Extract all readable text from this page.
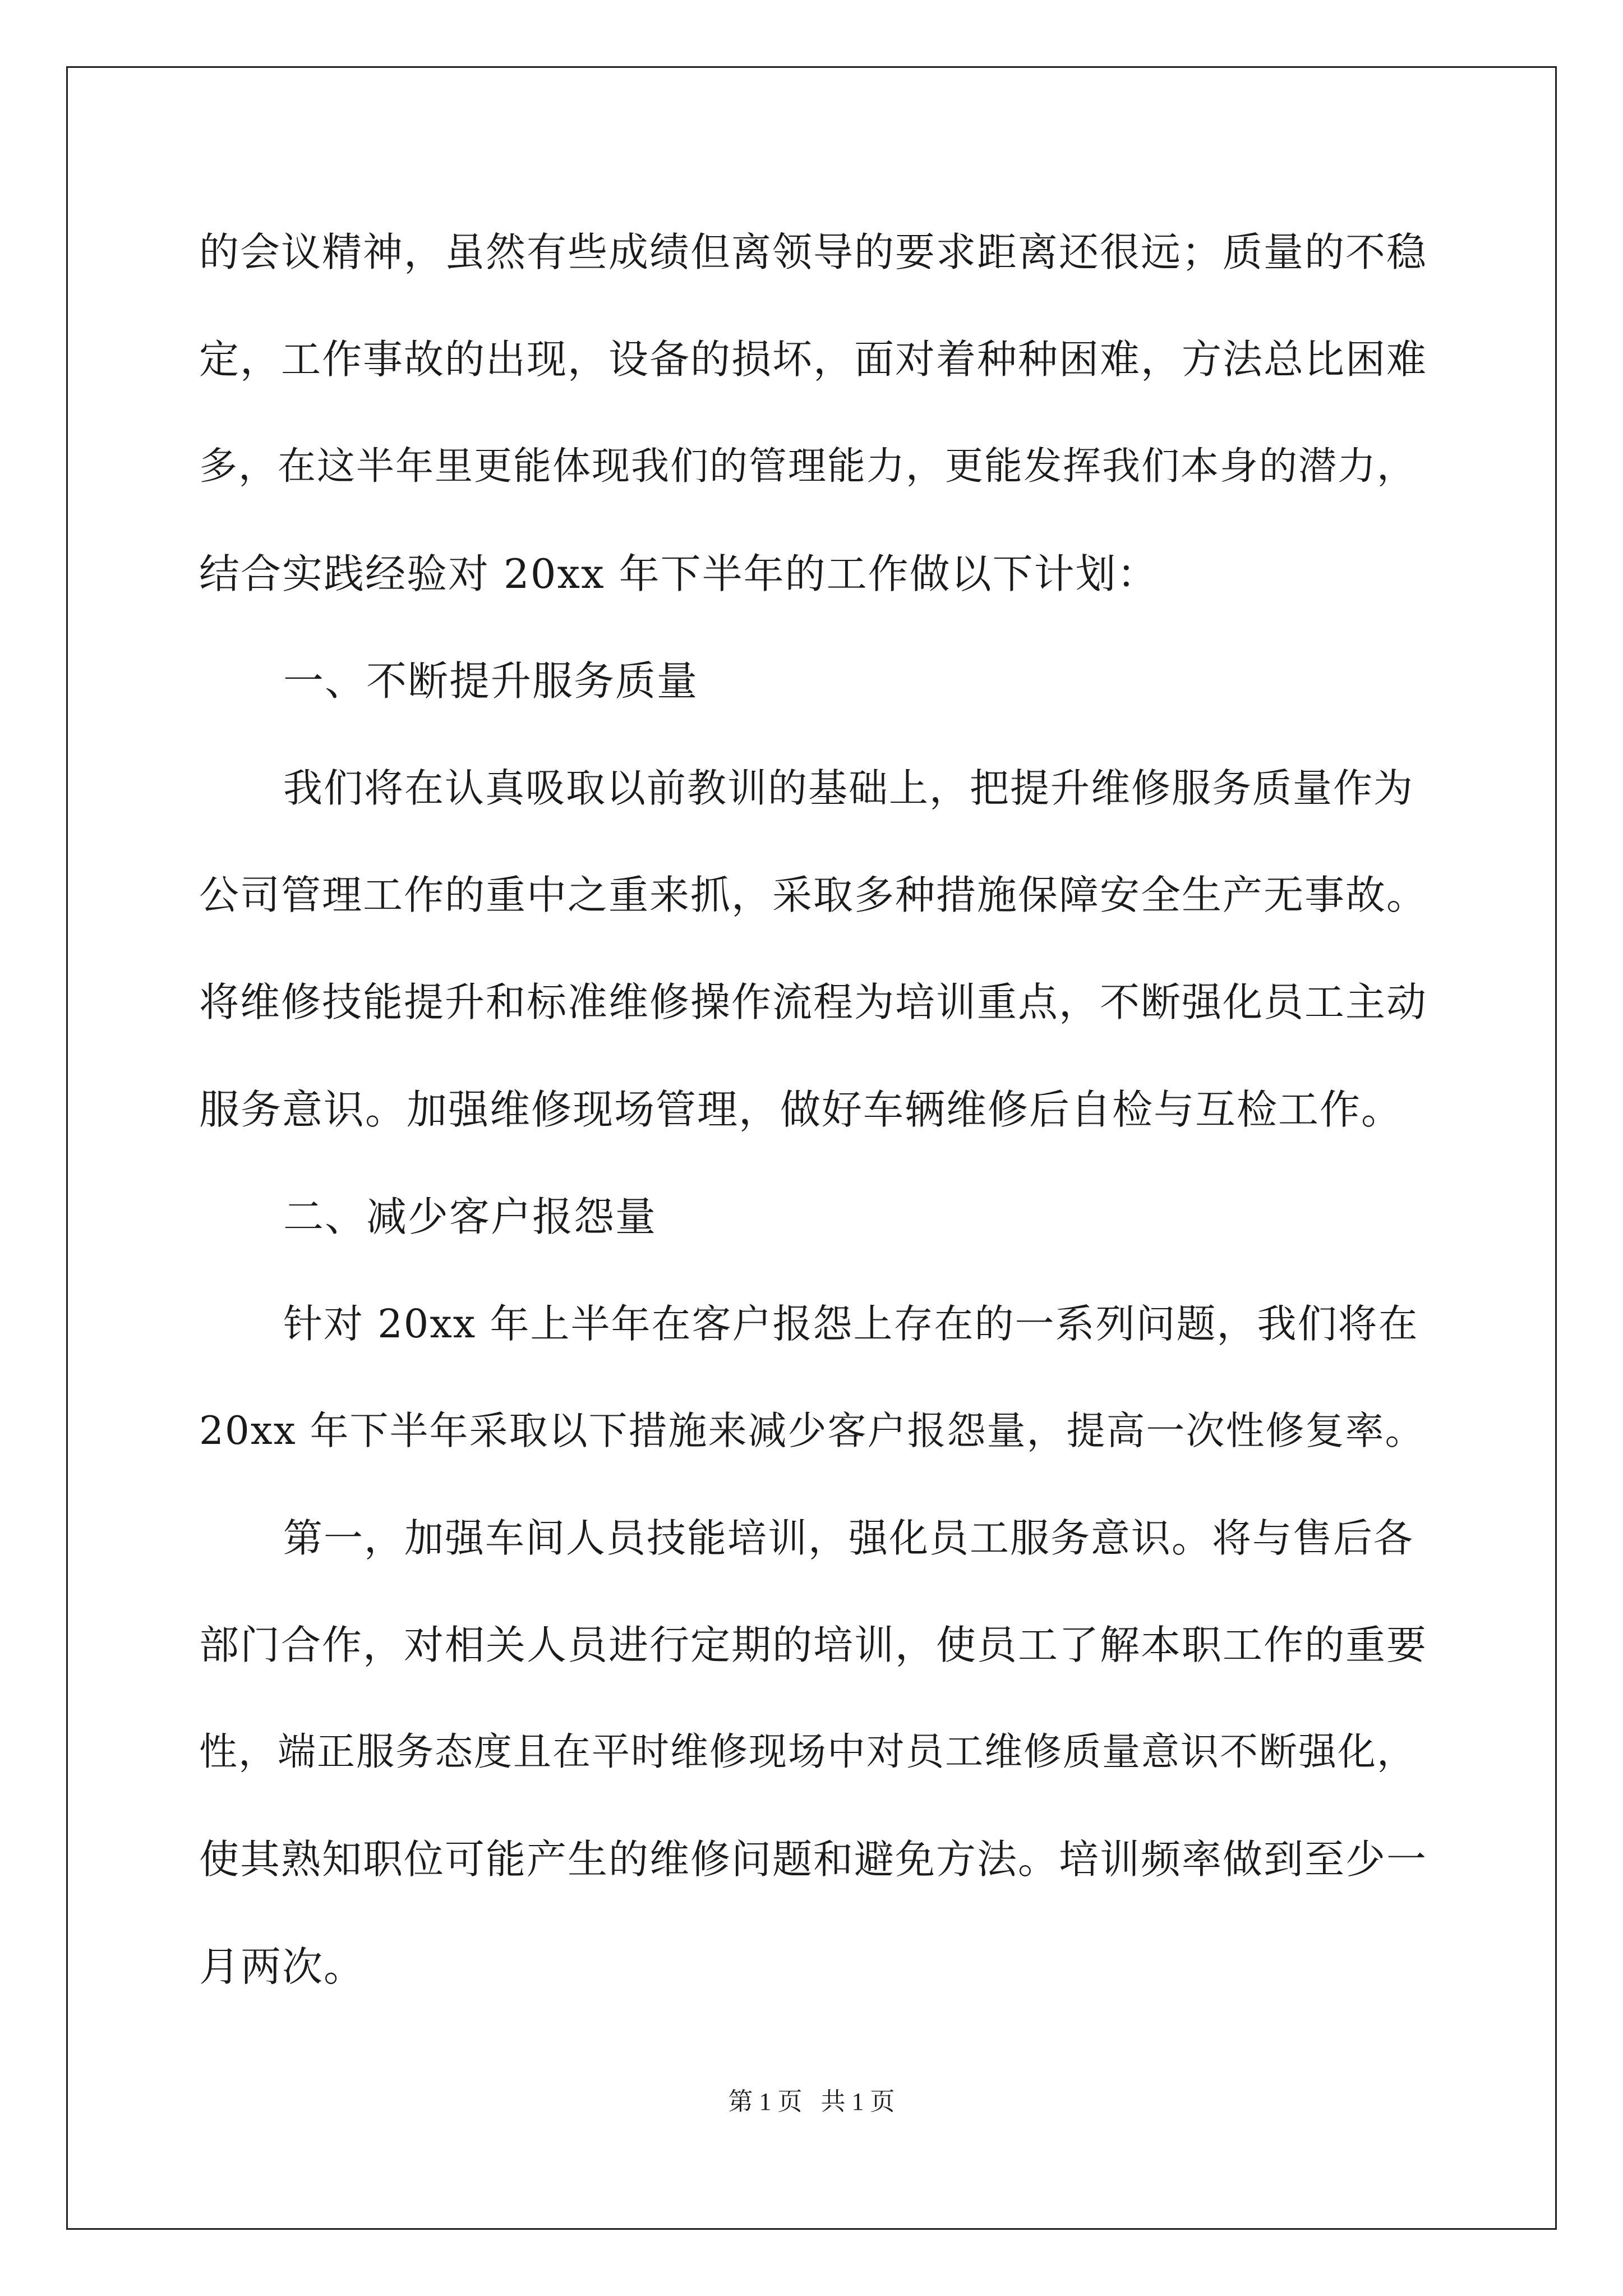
的会议精神，虽然有些成绩但离领导的要求距离还很远；质量的不稳
定，工作事故的出现，设备的损坏，面对着种种困难，方法总比困难
多，在这半年里更能体现我们的管理能力，更能发挥我们本身的潜力，
结合实践经验对 20xx 年下半年的工作做以下计划：
一、不断提升服务质量
我们将在认真吸取以前教训的基础上，把提升维修服务质量作为
公司管理工作的重中之重来抓，采取多种措施保障安全生产无事故。
将维修技能提升和标准维修操作流程为培训重点，不断强化员工主动
服务意识。加强维修现场管理，做好车辆维修后自检与互检工作。
二、减少客户报怨量
针对 20xx 年上半年在客户报怨上存在的一系列问题，我们将在
20xx 年下半年采取以下措施来减少客户报怨量，提高一次性修复率。
第一，加强车间人员技能培训，强化员工服务意识。将与售后各
部门合作，对相关人员进行定期的培训，使员工了解本职工作的重要
性，端正服务态度且在平时维修现场中对员工维修质量意识不断强化，
使其熟知职位可能产生的维修问题和避免方法。培训频率做到至少一
月两次。
第 1 页   共 1 页
